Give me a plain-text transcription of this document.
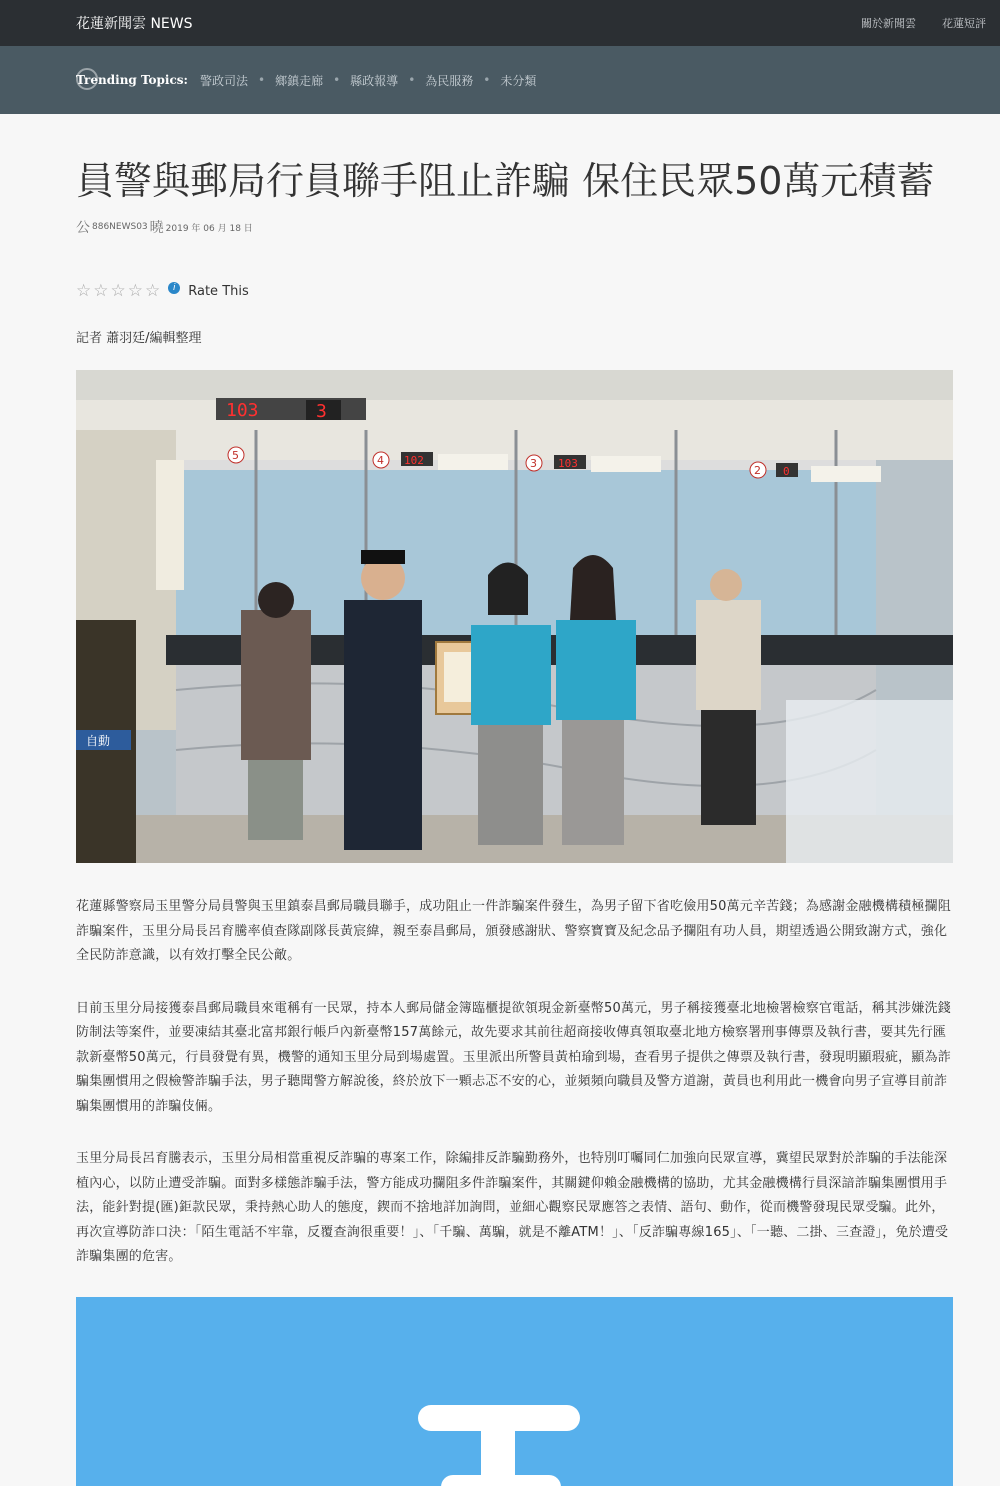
花蓮新聞雲 NEWS	關於新聞雲 花蓮短評
Trending Topics: 警政司法 • 鄉鎮走廊 • 縣政報導 • 為民服務 • 未分類
員警與郵局行員聯手阻止詐騙 保住民眾50萬元積蓄
公 886NEWS03 曉 2019 年 06 月 18 日
☆ ☆ ☆ ☆ ☆	i Rate This

記者 蕭羽廷/編輯整理

103	3
5	4	3
2
102	103
0
自動

花蓮縣警察局玉里警分局員警與玉里鎮泰昌郵局職員聯手，成功阻止一件詐騙案件發生，為男子留下省吃儉用50萬元辛苦錢；為感謝金融機構積極攔阻詐騙案件，玉里分局長呂育騰率偵查隊副隊長黃宸緯，親至泰昌郵局，頒發感謝狀、警察寶寶及紀念品予攔阻有功人員，期望透過公開致謝方式，強化全民防詐意識，以有效打擊全民公敵。

日前玉里分局接獲泰昌郵局職員來電稱有一民眾，持本人郵局儲金簿臨櫃提欲領現金新臺幣50萬元，男子稱接獲臺北地檢署檢察官電話，稱其涉嫌洗錢防制法等案件，並要凍結其臺北富邦銀行帳戶內新臺幣157萬餘元，故先要求其前往超商接收傳真領取臺北地方檢察署刑事傳票及執行書，要其先行匯款新臺幣50萬元，行員發覺有異，機警的通知玉里分局到場處置。玉里派出所警員黃柏瑜到場，查看男子提供之傳票及執行書，發現明顯瑕疵，顯為詐騙集團慣用之假檢警詐騙手法，男子聽聞警方解說後，終於放下一顆忐忑不安的心，並頻頻向職員及警方道謝，黃員也利用此一機會向男子宣導目前詐騙集團慣用的詐騙伎倆。

玉里分局長呂育騰表示，玉里分局相當重視反詐騙的專案工作，除編排反詐騙勤務外，也特別叮囑同仁加強向民眾宣導，冀望民眾對於詐騙的手法能深植內心，以防止遭受詐騙。面對多樣態詐騙手法，警方能成功攔阻多件詐騙案件，其關鍵仰賴金融機構的協助，尤其金融機構行員深諳詐騙集團慣用手法，能針對提(匯)鉅款民眾，秉持熱心助人的態度，鍥而不捨地詳加詢問，並細心觀察民眾應答之表情、語句、動作，從而機警發現民眾受騙。此外，再次宣導防詐口決：「陌生電話不牢靠，反覆查詢很重要！」、「千騙、萬騙，就是不離ATM！」、「反詐騙專線165」、「一聽、二掛、三查證」，免於遭受詐騙集團的危害。
